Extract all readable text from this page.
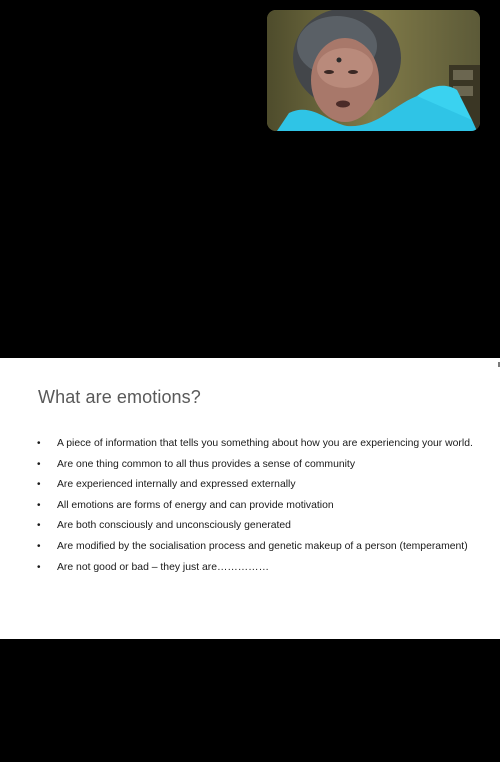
What are emotions?
• A piece of information that tells you something about how you are experiencing your world.
• Are one thing common to all thus provides a sense of community
• Are experienced internally and expressed externally
• All emotions are forms of energy and can provide motivation
• Are both consciously and unconsciously generated
• Are modified by the socialisation process and genetic makeup of a person (temperament)
• Are not good or bad – they just are……………
